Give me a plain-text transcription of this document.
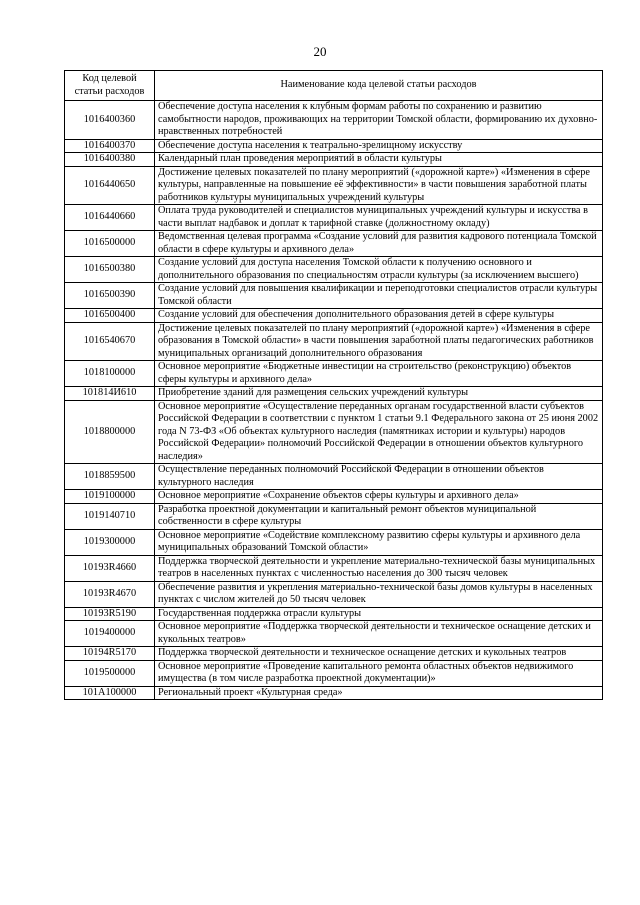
20
Код целевой статьи расходов	Наименование кода целевой статьи расходов
1016400360	Обеспечение доступа населения к клубным формам работы по сохранению и развитию самобытности народов, проживающих на территории Томской области, формированию их духовно-нравственных потребностей
1016400370	Обеспечение доступа населения к театрально-зрелищному искусству
1016400380	Календарный план проведения мероприятий в области культуры
1016440650	Достижение целевых показателей по плану мероприятий («дорожной карте») «Изменения в сфере культуры, направленные на повышение её эффективности» в части повышения заработной платы работников культуры муниципальных учреждений культуры
1016440660	Оплата труда руководителей и специалистов муниципальных учреждений культуры и искусства в части выплат надбавок и доплат к тарифной ставке (должностному окладу)
1016500000	Ведомственная целевая программа «Создание условий для развития кадрового потенциала Томской области в сфере культуры и архивного дела»
1016500380	Создание условий для доступа населения Томской области к получению основного и дополнительного образования по специальностям отрасли культуры (за исключением высшего)
1016500390	Создание условий для повышения квалификации и переподготовки специалистов отрасли культуры Томской области
1016500400	Создание условий для обеспечения дополнительного образования детей в сфере культуры
1016540670	Достижение целевых показателей по плану мероприятий («дорожной карте») «Изменения в сфере образования в Томской области» в части повышения заработной платы педагогических работников муниципальных организаций дополнительного образования
1018100000	Основное мероприятие «Бюджетные инвестиции на строительство (реконструкцию) объектов сферы культуры и архивного дела»
101814И610	Приобретение зданий для размещения сельских учреждений культуры
1018800000	Основное мероприятие «Осуществление переданных органам государственной власти субъектов Российской Федерации в соответствии с пунктом 1 статьи 9.1 Федерального закона от 25 июня 2002 года N 73-ФЗ «Об объектах культурного наследия (памятниках истории и культуры) народов Российской Федерации» полномочий Российской Федерации в отношении объектов культурного наследия»
1018859500	Осуществление переданных полномочий Российской Федерации в отношении объектов культурного наследия
1019100000	Основное мероприятие «Сохранение объектов сферы культуры и архивного дела»
1019140710	Разработка проектной документации и капитальный ремонт объектов муниципальной собственности в сфере культуры
1019300000	Основное мероприятие «Содействие комплексному развитию сферы культуры и архивного дела муниципальных образований Томской области»
10193R4660	Поддержка творческой деятельности и укрепление материально-технической базы муниципальных театров в населенных пунктах с численностью населения до 300 тысяч человек
10193R4670	Обеспечение развития и укрепления материально-технической базы домов культуры в населенных пунктах с числом жителей до 50 тысяч человек
10193R5190	Государственная поддержка отрасли культуры
1019400000	Основное мероприятие «Поддержка творческой деятельности и техническое оснащение детских и кукольных театров»
10194R5170	Поддержка творческой деятельности и техническое оснащение детских и кукольных театров
1019500000	Основное мероприятие «Проведение капитального ремонта областных объектов недвижимого имущества (в том числе разработка проектной документации)»
101A100000	Региональный проект «Культурная среда»
